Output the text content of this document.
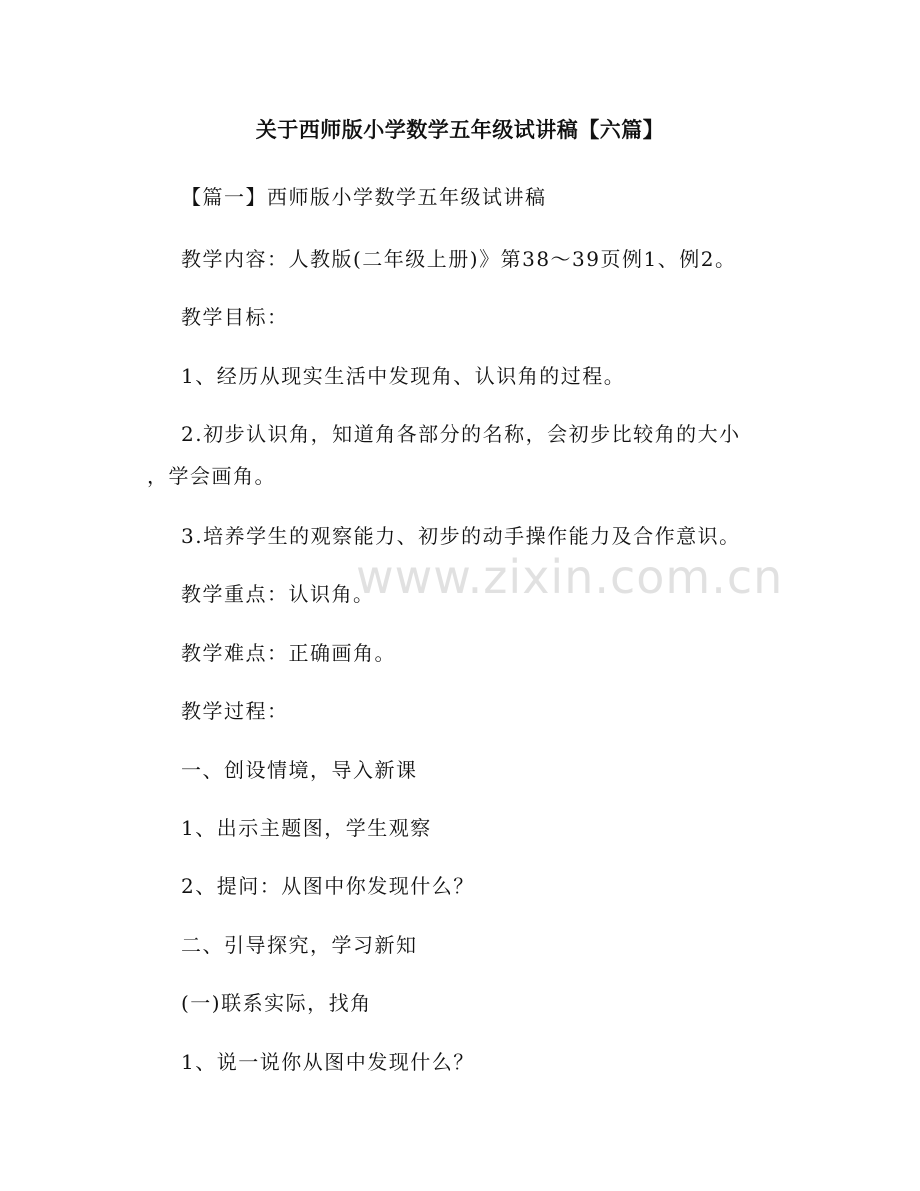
关于西师版小学数学五年级试讲稿【六篇】
【篇一】西师版小学数学五年级试讲稿
教学内容：人教版(二年级上册)》第38～39页例1、例2。
教学目标：
1、经历从现实生活中发现角、认识角的过程。
2.初步认识角，知道角各部分的名称，会初步比较角的大小
，学会画角。
3.培养学生的观察能力、初步的动手操作能力及合作意识。
教学重点：认识角。
教学难点：正确画角。
教学过程：
一、创设情境，导入新课
1、出示主题图，学生观察
2、提问：从图中你发现什么？
二、引导探究，学习新知
(一)联系实际，找角
1、说一说你从图中发现什么？
www.zixin.com.cn
